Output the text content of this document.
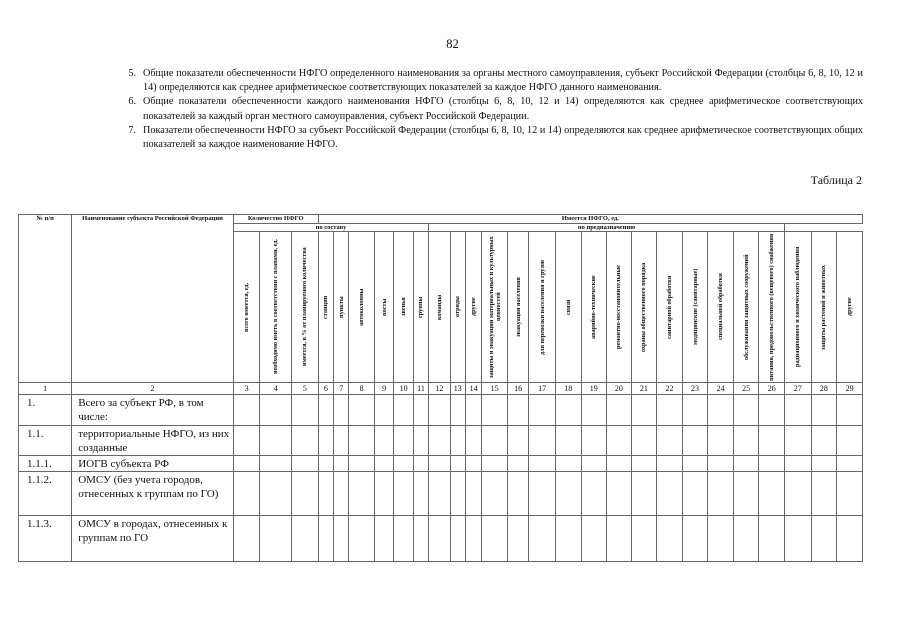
82
5. Общие показатели обеспеченности НФГО определенного наименования за органы местного самоуправления, субъект Российской Федерации (столбцы 6, 8, 10, 12 и 14) определяются как среднее арифметическое соответствующих показателей за каждое НФГО данного наименования.
6. Общие показатели обеспеченности каждого наименования НФГО (столбцы 6, 8, 10, 12 и 14) определяются как среднее арифметическое соответствующих показателей за каждый орган местного самоуправления, субъект Российской Федерации.
7. Показатели обеспеченности НФГО за субъект Российской Федерации (столбцы 6, 8, 10, 12 и 14) определяются как среднее арифметическое соответствующих общих показателей за каждое наименование НФГО.
Таблица 2
№ п/п	Наименование субъекта Российской Федерации	Количество НФГО			Имеется НФГО, ед.																							
		по составу									по предназначению																	

		всего имеется, ед.	необходимо иметь в соответствии с планами, ед.	имеется, в % от планируемого количества	станции	пункты	автоколонны	посты	звенья	группы	команды	отряды	другие	защиты и эвакуации материальных и культурных ценностей	эвакуации населения	для перевозки населения и грузов	связи	аварийно-технические	ремонтно-восстановительные	охраны общественного порядка	санитарной обработки	медицинские (санитарные)	специальной обработки	обслуживания защитных сооружений	питания, продовольственного (вещевого) снабжения	радиационного и химического наблюдения	защиты растений и животных	другие

1	2	3	4	5	6	7	8	9	10	11	12	13	14	15	16	17	18	19	20	21	22	23	24	25	26	27	28	29
1.	Всего за субъект РФ, в том числе:																											
1.1.	территориальные НФГО, из них созданные																											
1.1.1.	ИОГВ субъекта РФ																											
1.1.2.	ОМСУ (без учета городов, отнесенных к группам по ГО)																											
1.1.3.	ОМСУ в городах, отнесенных к группам по ГО																											
